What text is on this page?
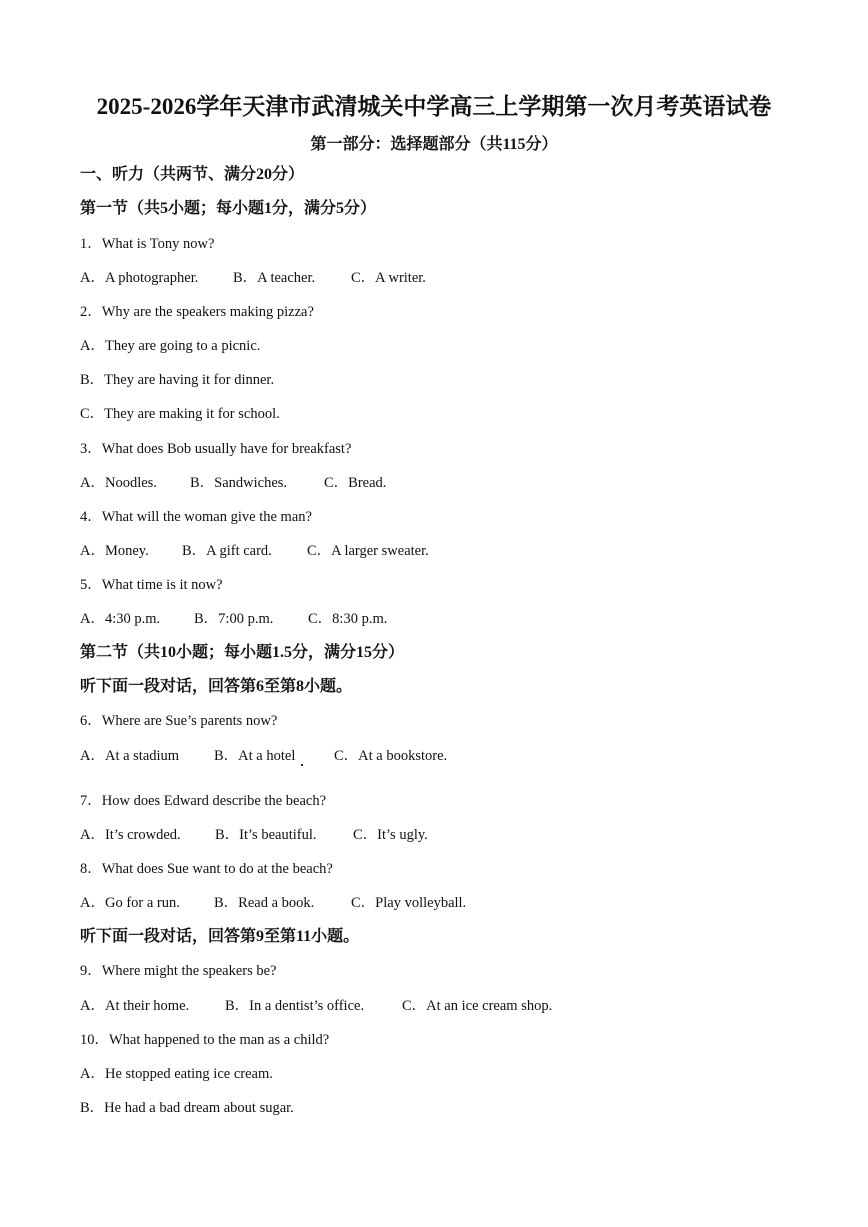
2025-2026学年天津市武清城关中学高三上学期第一次月考英语试卷
第一部分：选择题部分（共115分）
一、听力（共两节、满分20分）
第一节（共5小题；每小题1分，满分5分）
1．What is Tony now?
A．A photographer. B．A teacher. C．A writer.
2．Why are the speakers making pizza?
A．They are going to a picnic.
B．They are having it for dinner.
C．They are making it for school.
3．What does Bob usually have for breakfast?
A．Noodles. B．Sandwiches.	C．Bread.
4．What will the woman give the man?
A．Money. B．A gift card. C．A larger sweater.
5．What time is it now?
A．4:30 p.m. B．7:00 p.m. C．8:30 p.m.
第二节（共10小题；每小题1.5分，满分15分）
听下面一段对话，回答第6至第8小题。
6．Where are Sue’s parents now?
A．At a stadium B．At a hotel	C．At a bookstore.
7．How does Edward describe the beach?
A．It’s crowded. B．It’s beautiful.	C．It’s ugly.
8．What does Sue want to do at the beach?
A．Go for a run. B．Read a book.	C．Play volleyball.
听下面一段对话，回答第9至第11小题。
9．Where might the speakers be?
A．At their home. B．In a dentist’s office.	C．At an ice cream shop.
10．What happened to the man as a child?
A．He stopped eating ice cream.
B．He had a bad dream about sugar.
